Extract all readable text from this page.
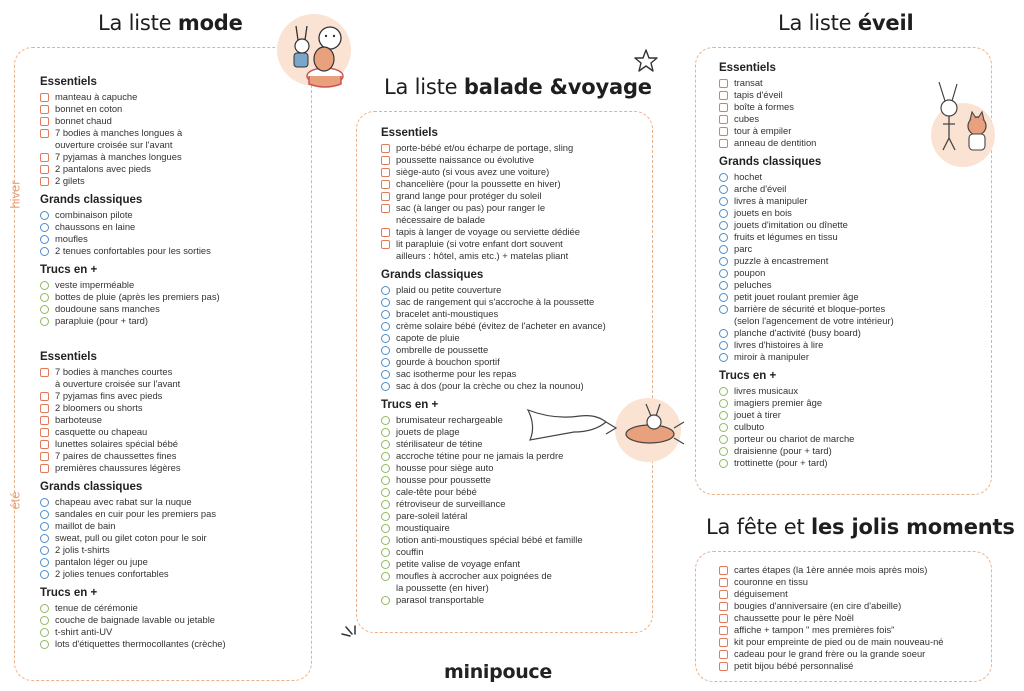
La liste mode
La liste balade &voyage
La liste éveil
La fête et les jolis moments
hiver
été
Essentiels
manteau à capuche
bonnet en coton
bonnet chaud
7 bodies à manches longues à
ouverture croisée sur l'avant
7 pyjamas à manches longues
2 pantalons avec pieds
2 gilets
Grands classiques
combinaison pilote
chaussons en laine
moufles
2 tenues confortables pour les sorties
Trucs en +
veste imperméable
bottes de pluie (après les premiers pas)
doudoune sans manches
parapluie (pour + tard)
Essentiels
7 bodies à manches courtes
à ouverture croisée sur l'avant
7 pyjamas fins avec pieds
2 bloomers ou shorts
barboteuse
casquette ou chapeau
lunettes solaires spécial bébé
7 paires de chaussettes fines
premières chaussures légères
Grands classiques
chapeau avec rabat sur la nuque
sandales en cuir pour les premiers pas
maillot de bain
sweat, pull ou gilet coton pour le soir
2 jolis t-shirts
pantalon léger ou jupe
2 jolies tenues confortables
Trucs en +
tenue de cérémonie
couche de baignade lavable ou jetable
t-shirt anti-UV
lots d'étiquettes thermocollantes (crèche)
Essentiels
porte-bébé et/ou écharpe de portage, sling
poussette naissance ou évolutive
siège-auto (si vous avez une voiture)
chancelière (pour la poussette en hiver)
grand lange pour protéger du soleil
sac (à langer ou pas) pour ranger le
nécessaire de balade
tapis à langer de voyage ou serviette dédiée
lit parapluie (si votre enfant dort souvent
ailleurs : hôtel, amis etc.) + matelas pliant
Grands classiques
plaid ou petite couverture
sac de rangement qui s'accroche à la poussette
bracelet anti-moustiques
crème solaire bébé (évitez de l'acheter en avance)
capote de pluie
ombrelle de poussette
gourde à bouchon sportif
sac isotherme pour les repas
sac à dos (pour la crèche ou chez la nounou)
Trucs en +
brumisateur rechargeable
jouets de plage
stérilisateur de tétine
accroche tétine pour ne jamais la perdre
housse pour siège auto
housse pour poussette
cale-tête pour bébé
rétroviseur de surveillance
pare-soleil latéral
moustiquaire
lotion anti-moustiques spécial bébé et famille
couffin
petite valise de voyage enfant
moufles à accrocher aux poignées de
la poussette (en hiver)
parasol transportable
Essentiels
transat
tapis d'éveil
boîte à formes
cubes
tour à empiler
anneau de dentition
Grands classiques
hochet
arche d'éveil
livres à manipuler
jouets en bois
jouets d'imitation ou dînette
fruits et légumes en tissu
parc
puzzle à encastrement
poupon
peluches
petit jouet roulant premier âge
barrière de sécurité et bloque-portes
(selon l'agencement de votre intérieur)
planche d'activité (busy board)
livres d'histoires à lire
miroir à manipuler
Trucs en +
livres musicaux
imagiers premier âge
jouet à tirer
culbuto
porteur ou chariot de marche
draisienne (pour + tard)
trottinette (pour + tard)
cartes étapes (la 1ère année mois après mois)
couronne en tissu
déguisement
bougies d'anniversaire (en cire d'abeille)
chaussette pour le père Noël
affiche + tampon " mes premières fois"
kit pour empreinte de pied ou de main nouveau-né
cadeau pour le grand frère ou la grande soeur
petit bijou bébé personnalisé
minipouce
